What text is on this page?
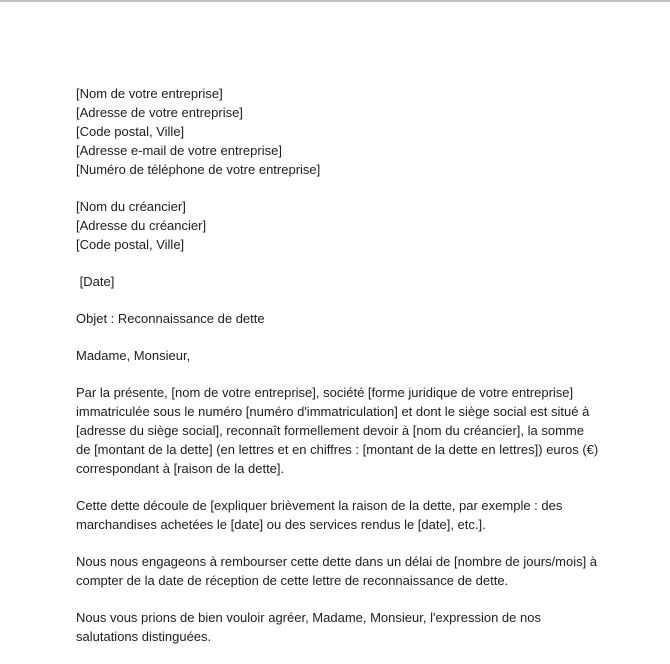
[Nom de votre entreprise]
[Adresse de votre entreprise]
[Code postal, Ville]
[Adresse e-mail de votre entreprise]
[Numéro de téléphone de votre entreprise]
[Nom du créancier]
[Adresse du créancier]
[Code postal, Ville]
[Date]
Objet : Reconnaissance de dette
Madame, Monsieur,
Par la présente, [nom de votre entreprise], société [forme juridique de votre entreprise] immatriculée sous le numéro [numéro d'immatriculation] et dont le siège social est situé à [adresse du siège social], reconnaît formellement devoir à [nom du créancier], la somme de [montant de la dette] (en lettres et en chiffres : [montant de la dette en lettres]) euros (€) correspondant à [raison de la dette].
Cette dette découle de [expliquer brièvement la raison de la dette, par exemple : des marchandises achetées le [date] ou des services rendus le [date], etc.].
Nous nous engageons à rembourser cette dette dans un délai de [nombre de jours/mois] à compter de la date de réception de cette lettre de reconnaissance de dette.
Nous vous prions de bien vouloir agréer, Madame, Monsieur, l'expression de nos salutations distinguées.
